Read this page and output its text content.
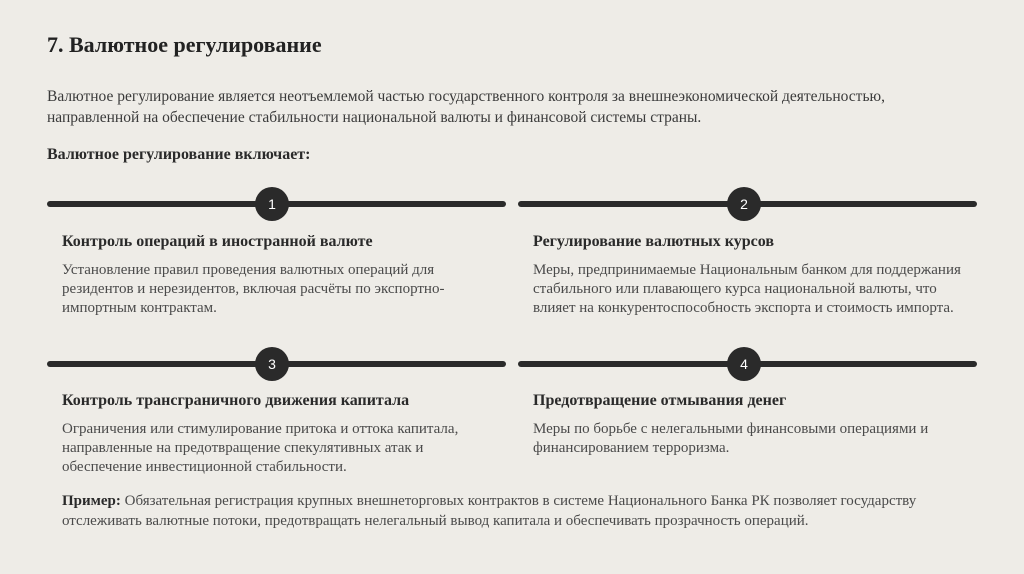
7. Валютное регулирование

Валютное регулирование является неотъемлемой частью государственного контроля за внешнеэкономической деятельностью, направленной на обеспечение стабильности национальной валюты и финансовой системы страны.

Валютное регулирование включает:

1

Контроль операций в иностранной валюте

Установление правил проведения валютных операций для резидентов и нерезидентов, включая расчёты по экспортно-импортным контрактам.

2

Регулирование валютных курсов

Меры, предпринимаемые Национальным банком для поддержания стабильного или плавающего курса национальной валюты, что влияет на конкурентоспособность экспорта и стоимость импорта.

3

Контроль трансграничного движения капитала

Ограничения или стимулирование притока и оттока капитала, направленные на предотвращение спекулятивных атак и обеспечение инвестиционной стабильности.

4

Предотвращение отмывания денег

Меры по борьбе с нелегальными финансовыми операциями и финансированием терроризма.

Пример: Обязательная регистрация крупных внешнеторговых контрактов в системе Национального Банка РК позволяет государству отслеживать валютные потоки, предотвращать нелегальный вывод капитала и обеспечивать прозрачность операций.
